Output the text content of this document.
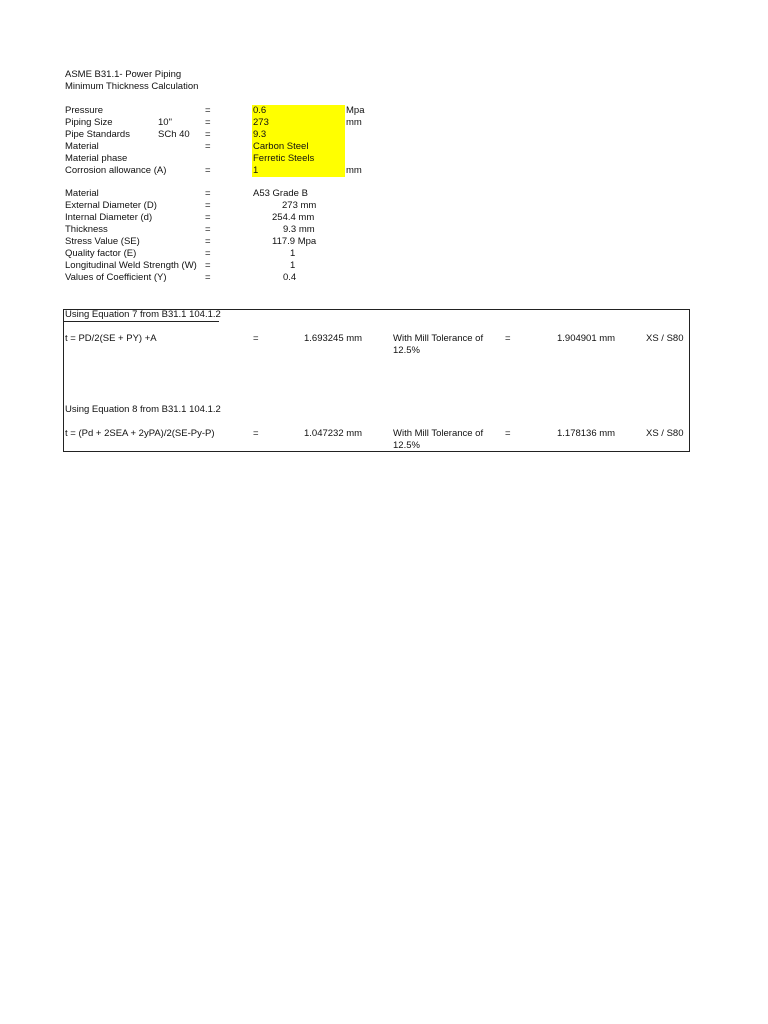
ASME B31.1- Power Piping
Minimum Thickness Calculation
Pressure	=	0.6	Mpa
Piping Size	10"	=	273	mm
Pipe Standards	SCh 40 =	9.3
Material	=	Carbon Steel
Material phase	Ferretic Steels
Corrosion allowance (A)	=	1	mm
Material	=	A53 Grade B
External Diameter (D)	=	273 mm
Internal Diameter (d)	=	254.4 mm
Thickness	=	9.3 mm
Stress Value (SE)	=	117.9 Mpa
Quality factor (E)	=	1
Longitudinal Weld Strength (W) =	1
Values of Coefficient (Y)	=	0.4
Using Equation 7 from B31.1 104.1.2
t = PD/2(SE + PY) +A	=	1.693245 mm	With Mill Tolerance of =	1.904901 mm	XS / S80
12.5%
Using Equation 8 from B31.1 104.1.2
t = (Pd + 2SEA + 2yPA)/2(SE-Py-P)	=	1.047232 mm	With Mill Tolerance of =	1.178136 mm	XS / S80
12.5%
